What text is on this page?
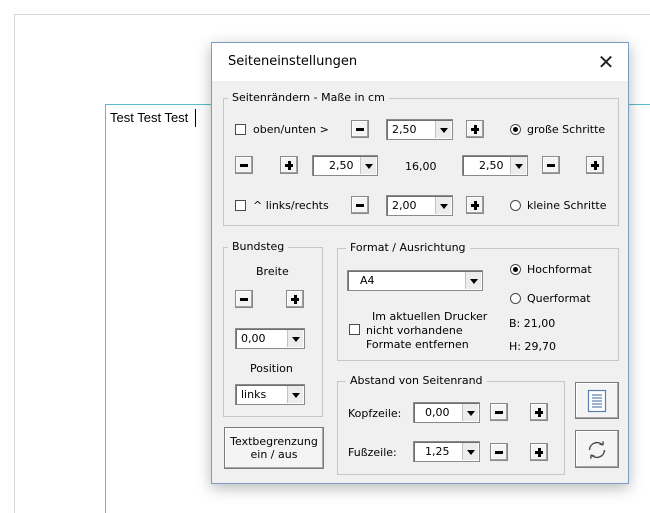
Test Test Test
Seiteneinstellungen	✕
Seitenrändern - Maße in cm
oben/unten >	2,50	große Schritte
2,50	16,00	2,50
^ links/rechts	2,00	kleine Schritte
Bundsteg
Breite
0,00
Position
links
Format / Ausrichtung
A4
Hochformat
Querformat
Im aktuellen Drucker
nicht vorhandene
Formate entfernen
B: 21,00
H: 29,70
Abstand von Seitenrand
Kopfzeile: 0,00
Fußzeile:	1,25
Textbegrenzung
ein / aus
